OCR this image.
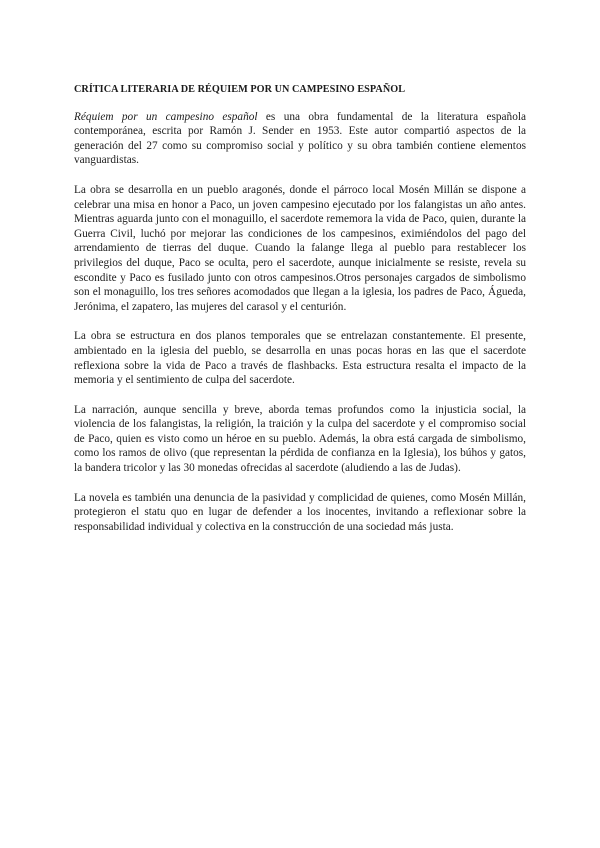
CRÍTICA LITERARIA DE RÉQUIEM POR UN CAMPESINO ESPAÑOL

Réquiem por un campesino español es una obra fundamental de la literatura española contemporánea, escrita por Ramón J. Sender en 1953. Este autor compartió aspectos de la generación del 27 como su compromiso social y político y su obra también contiene elementos vanguardistas.

La obra se desarrolla en un pueblo aragonés, donde el párroco local Mosén Millán se dispone a celebrar una misa en honor a Paco, un joven campesino ejecutado por los falangistas un año antes. Mientras aguarda junto con el monaguillo, el sacerdote rememora la vida de Paco, quien, durante la Guerra Civil, luchó por mejorar las condiciones de los campesinos, eximiéndolos del pago del arrendamiento de tierras del duque. Cuando la falange llega al pueblo para restablecer los privilegios del duque, Paco se oculta, pero el sacerdote, aunque inicialmente se resiste, revela su escondite y Paco es fusilado junto con otros campesinos.Otros personajes cargados de simbolismo son el monaguillo, los tres señores acomodados que llegan a la iglesia, los padres de Paco, Águeda, Jerónima, el zapatero, las mujeres del carasol y el centurión.

La obra se estructura en dos planos temporales que se entrelazan constantemente. El presente, ambientado en la iglesia del pueblo, se desarrolla en unas pocas horas en las que el sacerdote reflexiona sobre la vida de Paco a través de flashbacks. Esta estructura resalta el impacto de la memoria y el sentimiento de culpa del sacerdote.

La narración, aunque sencilla y breve, aborda temas profundos como la injusticia social, la violencia de los falangistas, la religión, la traición y la culpa del sacerdote y el compromiso social de Paco, quien es visto como un héroe en su pueblo. Además, la obra está cargada de simbolismo, como los ramos de olivo (que representan la pérdida de confianza en la Iglesia), los búhos y gatos, la bandera tricolor y las 30 monedas ofrecidas al sacerdote (aludiendo a las de Judas).

La novela es también una denuncia de la pasividad y complicidad de quienes, como Mosén Millán, protegieron el statu quo en lugar de defender a los inocentes, invitando a reflexionar sobre la responsabilidad individual y colectiva en la construcción de una sociedad más justa.
